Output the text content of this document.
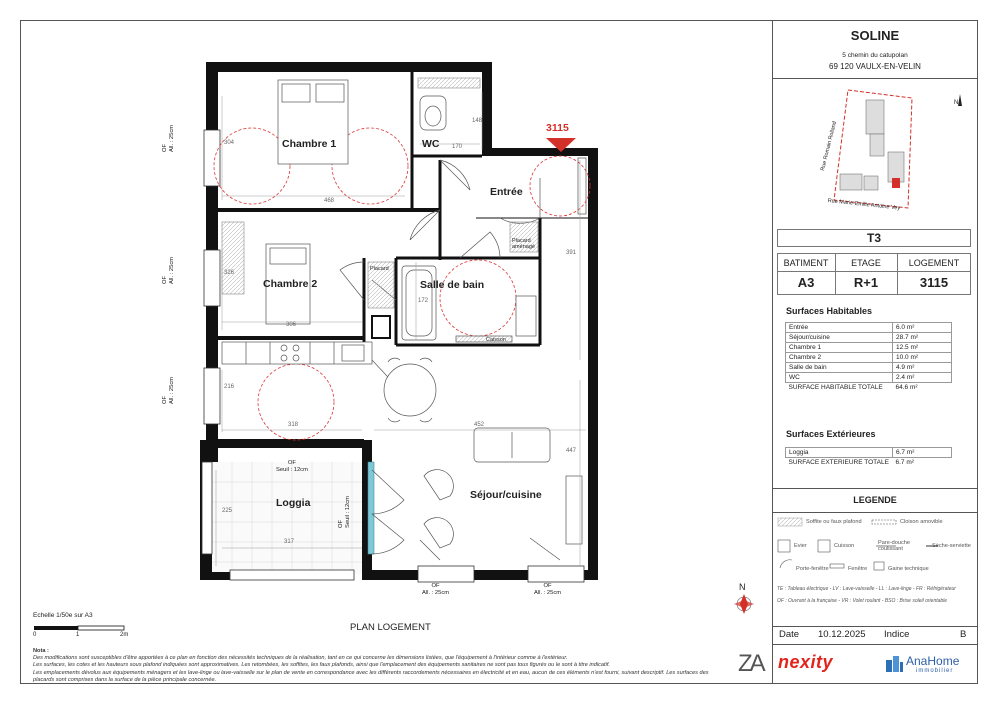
Chambre 1	WC
Entrée
Chambre 2	Salle de bain
Loggia
Séjour/cuisine
Placard
Placard aménagé
Caisson
468
304
170
148
306
326
172
318
216
452
447
391
317
225
OF
All. : 25cm
OF
All. : 25cm
OF
All. : 25cm
OF
All. : 25cm
OF
All. : 25cm
OF
Seuil : 12cm
OF
Seuil : 12cm
3115
N
Echelle 1/50e sur A3
0	1	2m
PLAN LOGEMENT
Nota :
Des modifications sont susceptibles d'être apportées à ce plan en fonction des nécessités techniques de la réalisation, tant en ce qui concerne les dimensions listées, que l'équipement à l'intérieur comme à l'extérieur.
Les surfaces, les cotes et les hauteurs sous plafond indiquées sont approximatives. Les retombées, les soffites, les faux plafonds, ainsi que l'emplacement des équipements sanitaires ne sont pas tous figurés ou le sont à titre indicatif.
Les emplacements dévolus aux équipements ménagers et les lave-linge ou lave-vaisselle sur le plan de vente en correspondance avec les différents raccordements nécessaires en électricité et en eau, aucun de ces éléments n'est fourni, suivant descriptif. Les surfaces des placards sont comprises dans la surface de la pièce principale concernée.
ZA
SOLINE
5 chemin du catupolan
69 120 VAULX-EN-VELIN
N
Rue Romain Rolland
Rue Marie-Emilie Antoine Vey
T3
BATIMENT	ETAGE	LOGEMENT
A3	R+1	3115
Surfaces Habitables
Entrée	6.0 m²
Séjour/cuisine	28.7 m²
Chambre 1	12.5 m²
Chambre 2	10.0 m²
Salle de bain	4.9 m²
WC	2.4 m²
SURFACE HABITABLE TOTALE	64.6 m²
Surfaces Extérieures
Loggia	6.7 m²
SURFACE EXTERIEURE TOTALE	6.7 m²
LEGENDE
Soffite ou faux plafond	Cloison amovible
Evier	Cuisson	Pare-douche coulissant	Sèche-serviette
Porte-fenêtre	Fenêtre	Gaine technique
TE : Tableau électrique - LV : Lave-vaisselle - LL : Lave-linge - FR : Réfrigérateur
OF : Ouvrant à la française - VR : Volet roulant - BSO : Brise soleil orientable
Date 10.12.2025 Indice	B
nexity	AnaHome
immobilier
